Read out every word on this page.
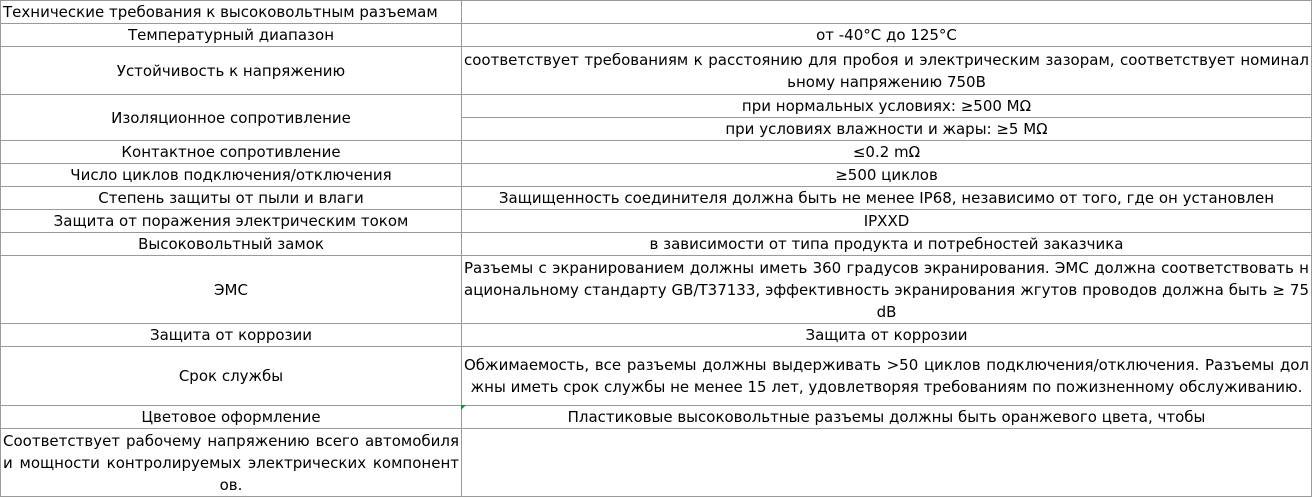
Технические требования к высоковольтным разъемам	
Температурный диапазон	от -40°C до 125°C
Устойчивость к напряжению	соответствует требованиям к расстоянию для пробоя и электрическим зазорам, соответствует номинальному напряжению 750В
Изоляционное сопротивление	при нормальных условиях: ≥500 MΩ
	при условиях влажности и жары: ≥5 MΩ
Контактное сопротивление	≤0.2 mΩ
Число циклов подключения/отключения	≥500 циклов
Степень защиты от пыли и влаги	Защищенность соединителя должна быть не менее IP68, независимо от того, где он установлен
Защита от поражения электрическим током	IPXXD
Высоковольтный замок	в зависимости от типа продукта и потребностей заказчика
ЭМС	Разъемы с экранированием должны иметь 360 градусов экранирования. ЭМС должна соответствовать национальному стандарту GB/T37133, эффективность экранирования жгутов проводов должна быть ≥ 75dB
Защита от коррозии	Защита от коррозии
Срок службы	Обжимаемость, все разъемы должны выдерживать >50 циклов подключения/отключения. Разъемы должны иметь срок службы не менее 15 лет, удовлетворяя требованиям по пожизненному обслуживанию.
Цветовое оформление	Пластиковые высоковольтные разъемы должны быть оранжевого цвета, чтобы
Соответствует рабочему напряжению всего автомобиля и мощности контролируемых электрических компонентов.	
